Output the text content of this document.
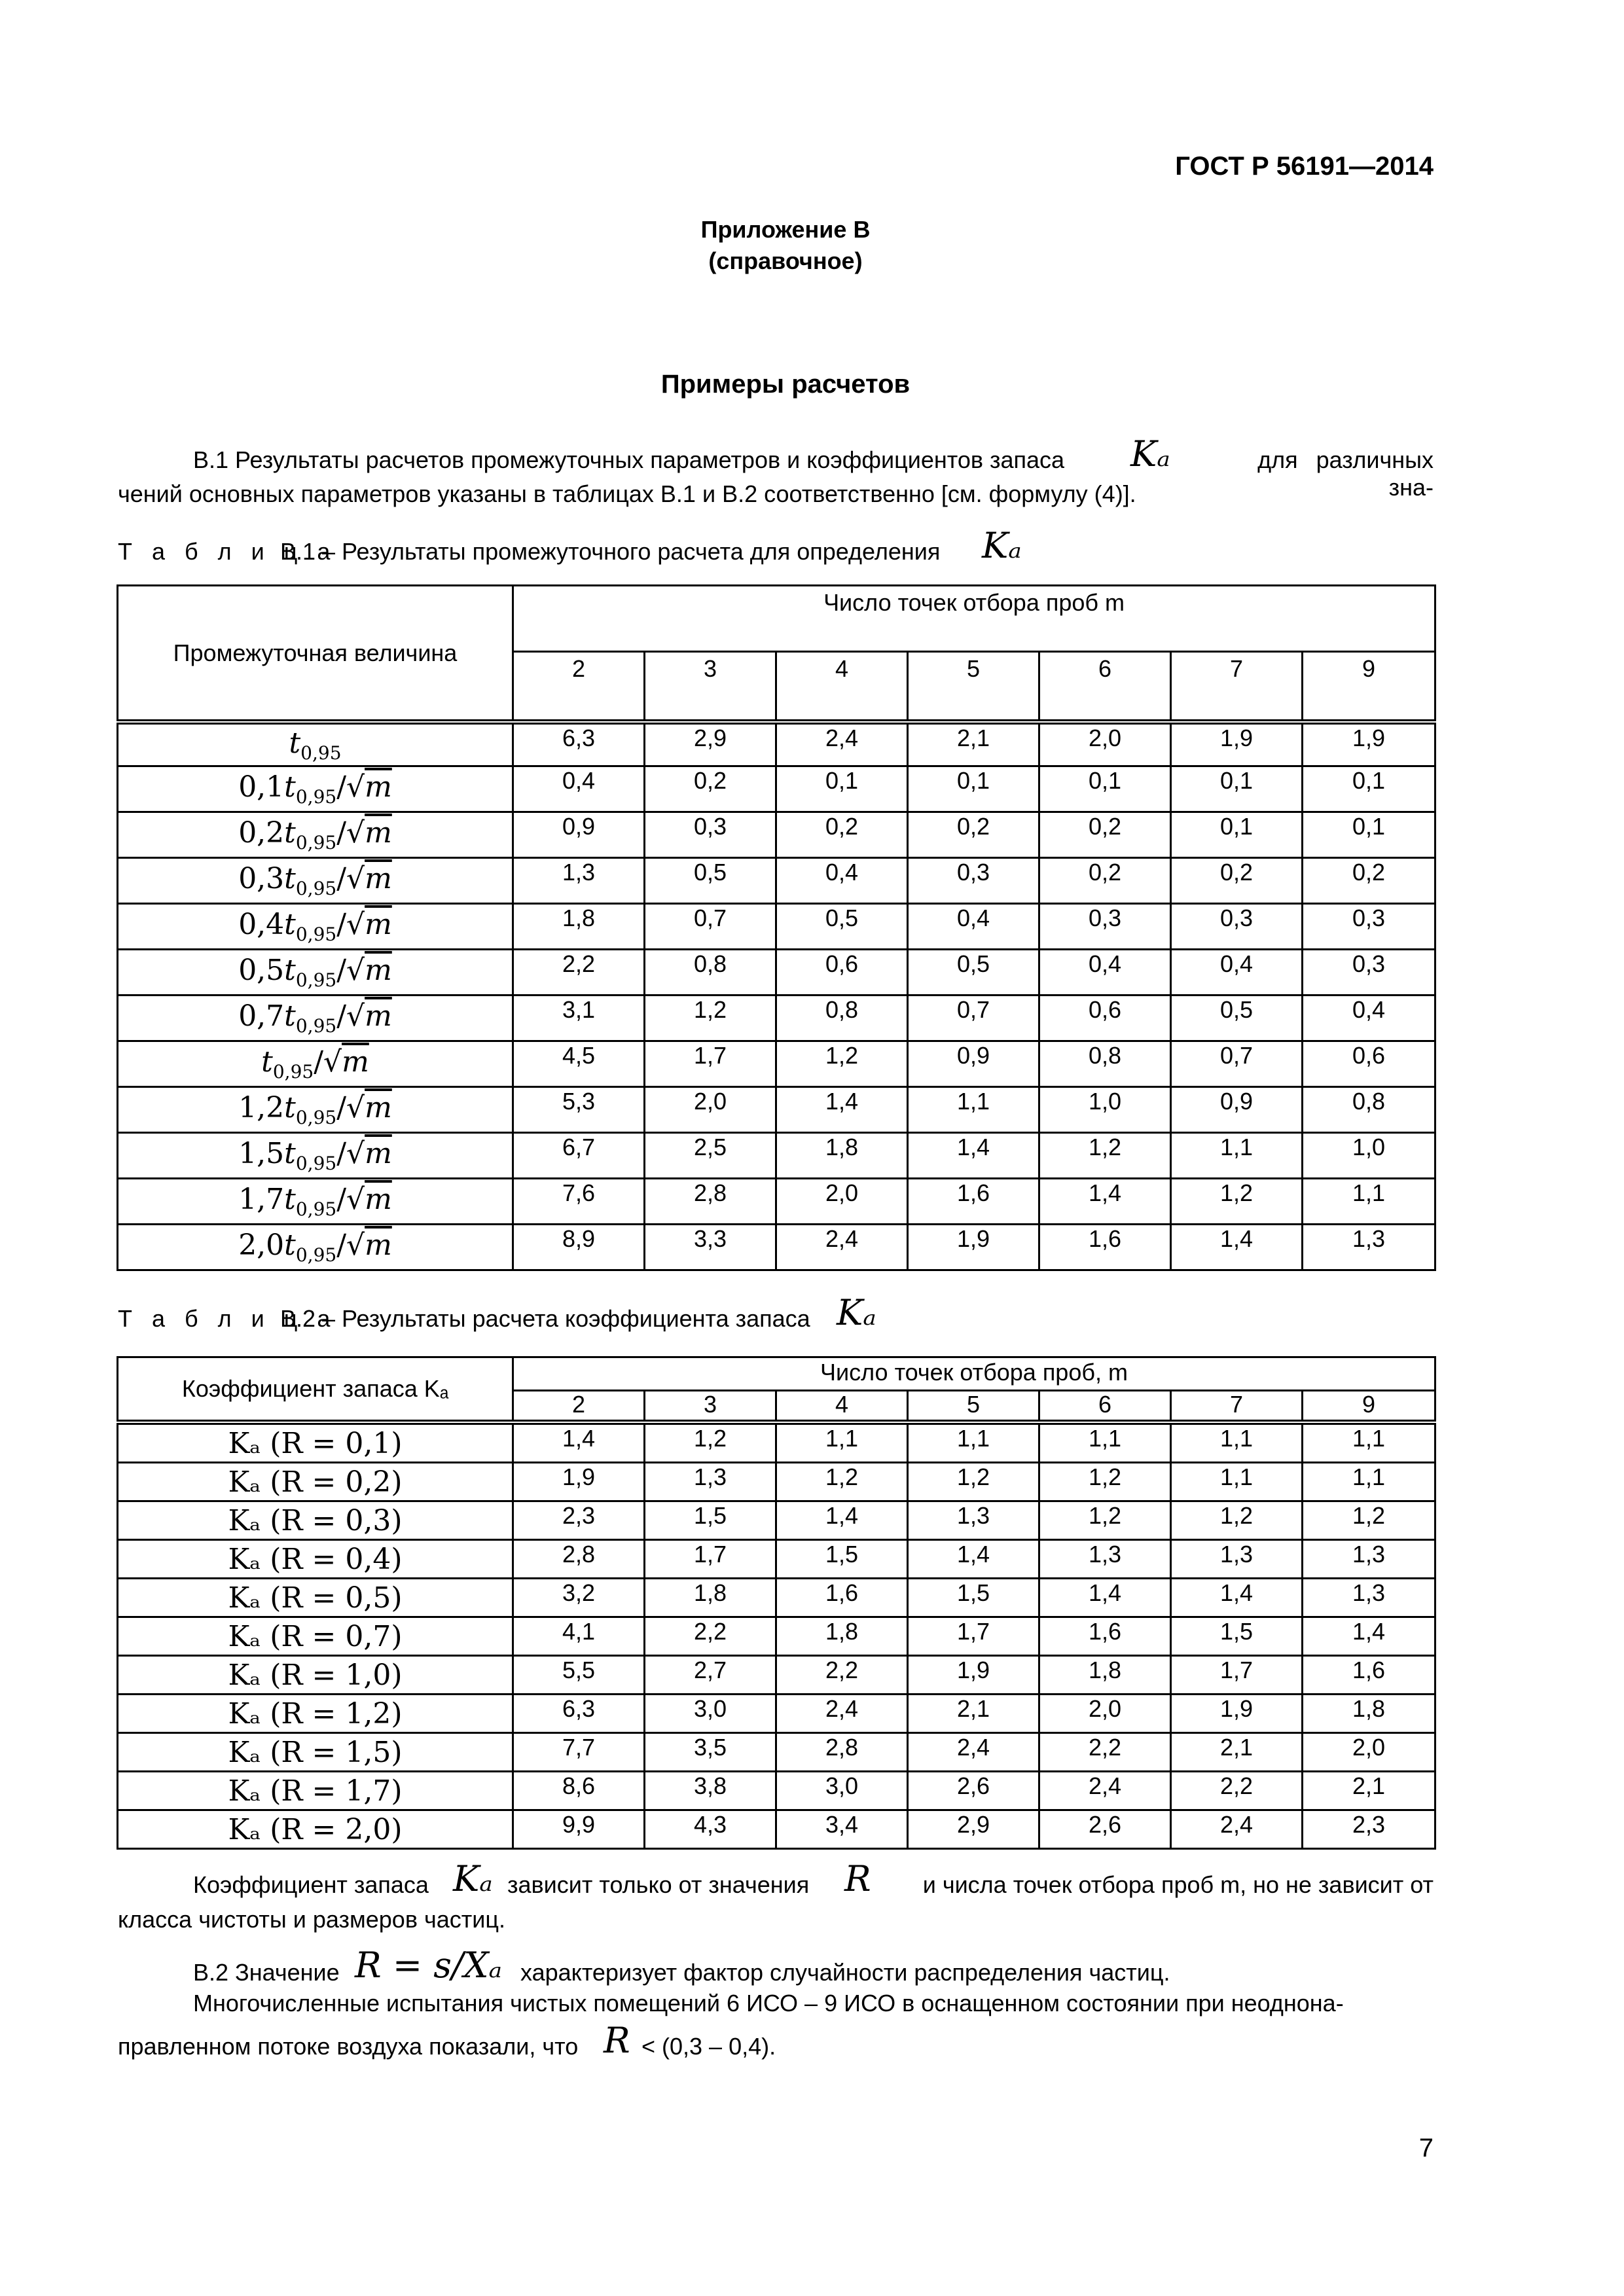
ГОСТ Р 56191—2014
Приложение В
(справочное)
Примеры расчетов
В.1 Результаты расчетов промежуточных параметров и коэффициентов запаса Kₐ	для различных зна-
чений основных параметров указаны в таблицах В.1 и В.2 соответственно [см. формулу (4)].
Т а б л и ц а
В.1 – Результаты промежуточного расчета для определения Kₐ
Промежуточная величина	Число точек отбора проб m						
	2	3	4	5	6	7	9
$t_{0,95}$	6,3	2,9	2,4	2,1	2,0	1,9	1,9
$0,1t_{0,95}/√m$	0,4	0,2	0,1	0,1	0,1	0,1	0,1
$0,2t_{0,95}/√m$	0,9	0,3	0,2	0,2	0,2	0,1	0,1
$0,3t_{0,95}/√m$	1,3	0,5	0,4	0,3	0,2	0,2	0,2
$0,4t_{0,95}/√m$	1,8	0,7	0,5	0,4	0,3	0,3	0,3
$0,5t_{0,95}/√m$	2,2	0,8	0,6	0,5	0,4	0,4	0,3
$0,7t_{0,95}/√m$	3,1	1,2	0,8	0,7	0,6	0,5	0,4
$t_{0,95}/√m$	4,5	1,7	1,2	0,9	0,8	0,7	0,6
$1,2t_{0,95}/√m$	5,3	2,0	1,4	1,1	1,0	0,9	0,8
$1,5t_{0,95}/√m$	6,7	2,5	1,8	1,4	1,2	1,1	1,0
$1,7t_{0,95}/√m$	7,6	2,8	2,0	1,6	1,4	1,2	1,1
$2,0t_{0,95}/√m$	8,9	3,3	2,4	1,9	1,6	1,4	1,3
Т а б л и ц а
В.2 – Результаты расчета коэффициента запаса Kₐ
Коэффициент запаса Kₐ	Число точек отбора проб, m						
	2	3	4	5	6	7	9
Kₐ (R = 0,1)	1,4	1,2	1,1	1,1	1,1	1,1	1,1
Kₐ (R = 0,2)	1,9	1,3	1,2	1,2	1,2	1,1	1,1
Kₐ (R = 0,3)	2,3	1,5	1,4	1,3	1,2	1,2	1,2
Kₐ (R = 0,4)	2,8	1,7	1,5	1,4	1,3	1,3	1,3
Kₐ (R = 0,5)	3,2	1,8	1,6	1,5	1,4	1,4	1,3
Kₐ (R = 0,7)	4,1	2,2	1,8	1,7	1,6	1,5	1,4
Kₐ (R = 1,0)	5,5	2,7	2,2	1,9	1,8	1,7	1,6
Kₐ (R = 1,2)	6,3	3,0	2,4	2,1	2,0	1,9	1,8
Kₐ (R = 1,5)	7,7	3,5	2,8	2,4	2,2	2,1	2,0
Kₐ (R = 1,7)	8,6	3,8	3,0	2,6	2,4	2,2	2,1
Kₐ (R = 2,0)	9,9	4,3	3,4	2,9	2,6	2,4	2,3
Коэффициент запаса Kₐ зависит только от значения R	и числа точек отбора проб m, но не зависит от
класса чистоты и размеров частиц.
В.2 Значение R = s/Xₐ характеризует фактор случайности распределения частиц.
Многочисленные испытания чистых помещений 6 ИСО – 9 ИСО в оснащенном состоянии при неоднона-
правленном потоке воздуха показали, что R < (0,3 – 0,4).
7
